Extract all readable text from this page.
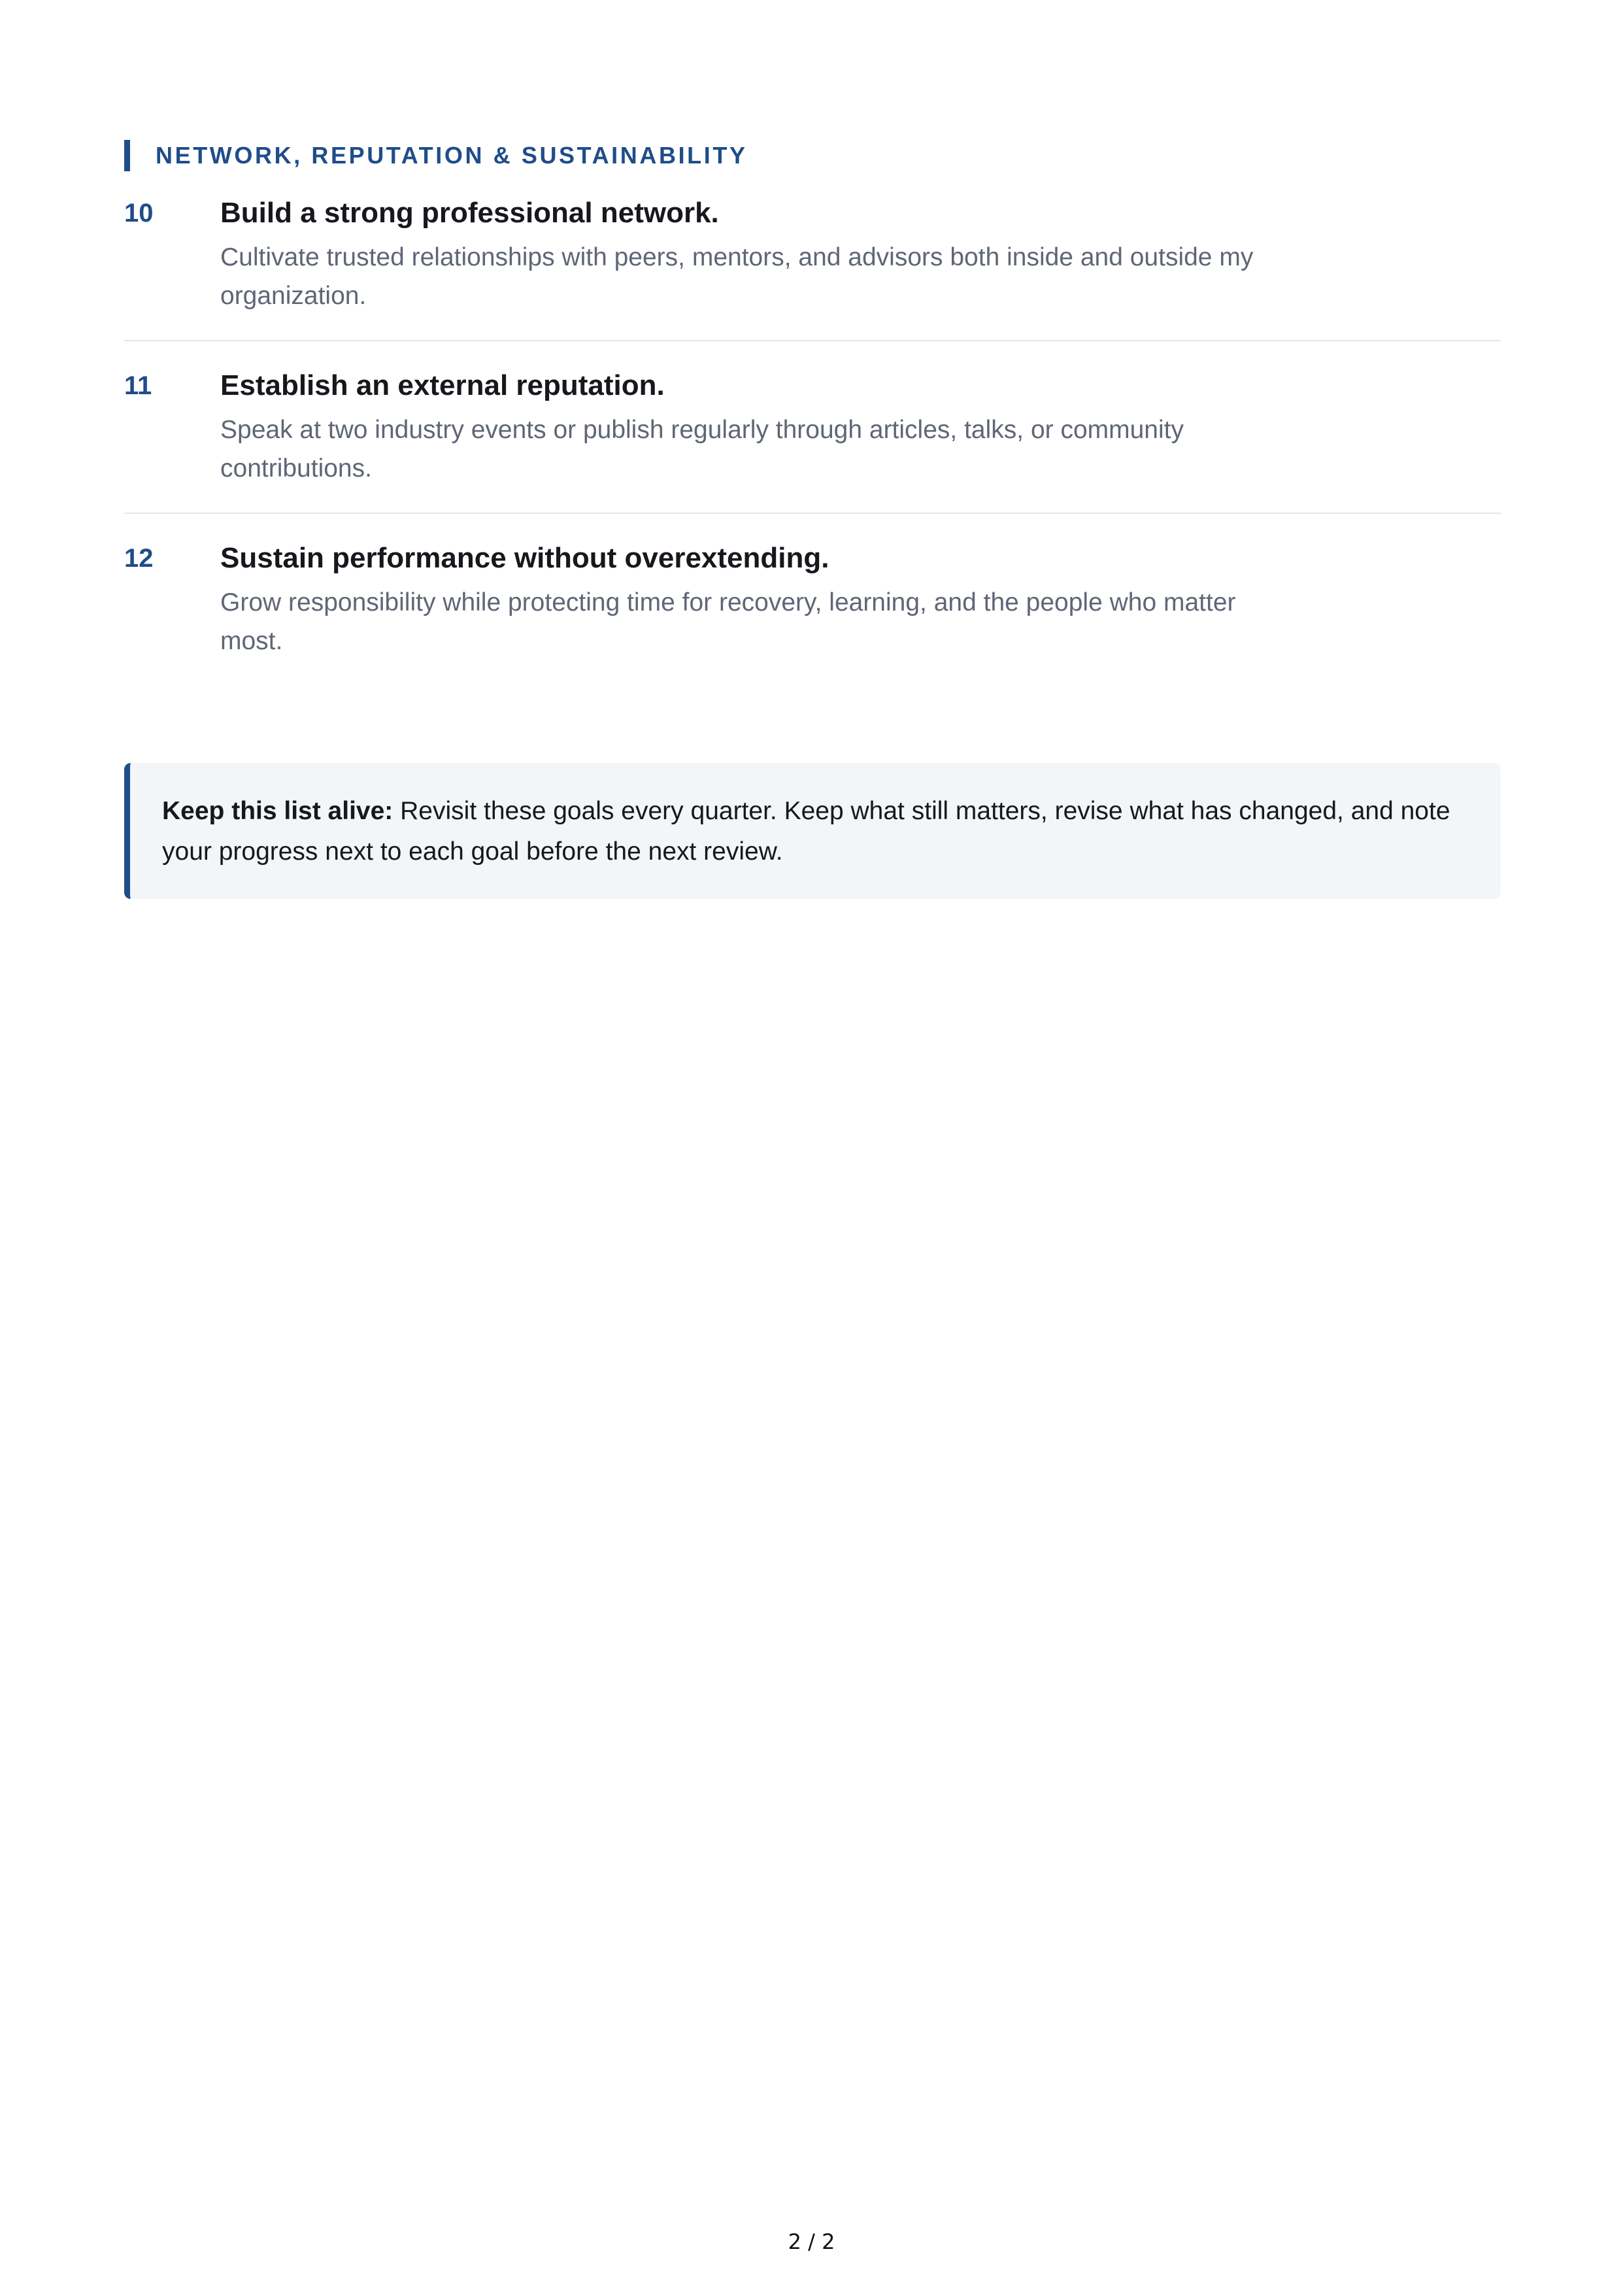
NETWORK, REPUTATION & SUSTAINABILITY
10	Build a strong professional network.

Cultivate trusted relationships with peers, mentors, and advisors both inside and outside my organization.

11	Establish an external reputation.

Speak at two industry events or publish regularly through articles, talks, or community contributions.

12	Sustain performance without overextending.

Grow responsibility while protecting time for recovery, learning, and the people who matter most.

Keep this list alive: Revisit these goals every quarter. Keep what still matters, revise what has changed, and note your progress next to each goal before the next review.
2 / 2
